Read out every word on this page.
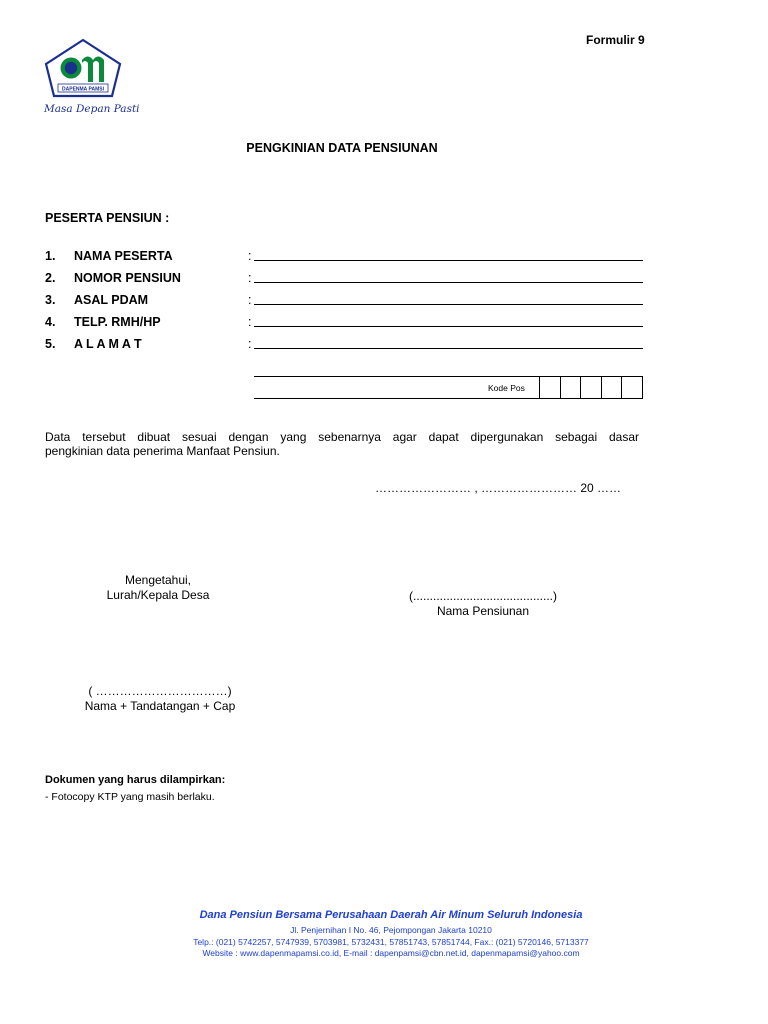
Formulir 9
DAPENMA PAMSI
Masa Depan Pasti
PENGKINIAN DATA PENSIUNAN
PESERTA PENSIUN :
1. NAMA PESERTA	:
2. NOMOR PENSIUN	:
3. ASAL PDAM	:
4. TELP. RMH/HP	:
5. A L A M A T	:
Kode Pos
Data tersebut dibuat sesuai dengan yang sebenarnya agar dapat dipergunakan sebagai dasar
pengkinian data penerima Manfaat Pensiun.
…………………… , …………………… 20 ……
Mengetahui,
Lurah/Kepala Desa	(..........................................)
Nama Pensiunan
( ……………………………)
Nama + Tandatangan + Cap
Dokumen yang harus dilampirkan:
- Fotocopy KTP yang masih berlaku.
Dana Pensiun Bersama Perusahaan Daerah Air Minum Seluruh Indonesia
Jl. Penjernihan I No. 46, Pejompongan Jakarta 10210
Telp.: (021) 5742257, 5747939, 5703981, 5732431, 57851743, 57851744, Fax.: (021) 5720146, 5713377
Website : www.dapenmapamsi.co.id, E-mail : dapenpamsi@cbn.net.id, dapenmapamsi@yahoo.com
